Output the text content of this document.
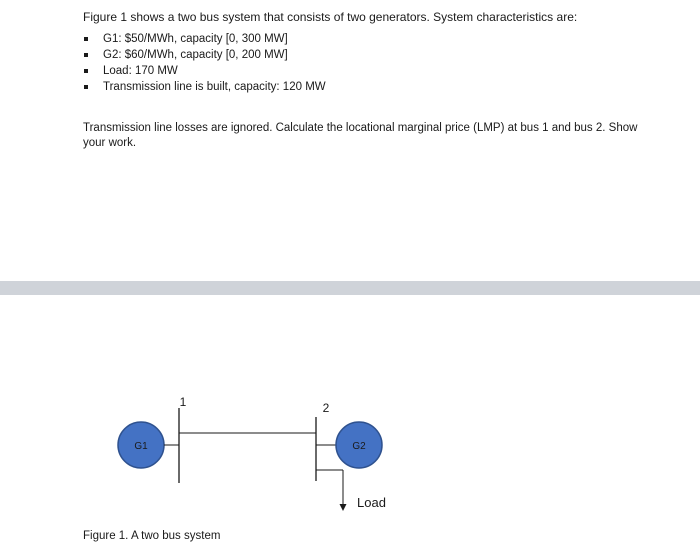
Figure 1 shows a two bus system that consists of two generators. System characteristics are:

G1: $50/MWh, capacity [0, 300 MW]
G2: $60/MWh, capacity [0, 200 MW]
Load: 170 MW
Transmission line is built, capacity: 120 MW

Transmission line losses are ignored. Calculate the locational marginal price (LMP) at bus 1 and bus 2. Show your work.

G1
1	2
G2
Load

Figure 1. A two bus system
